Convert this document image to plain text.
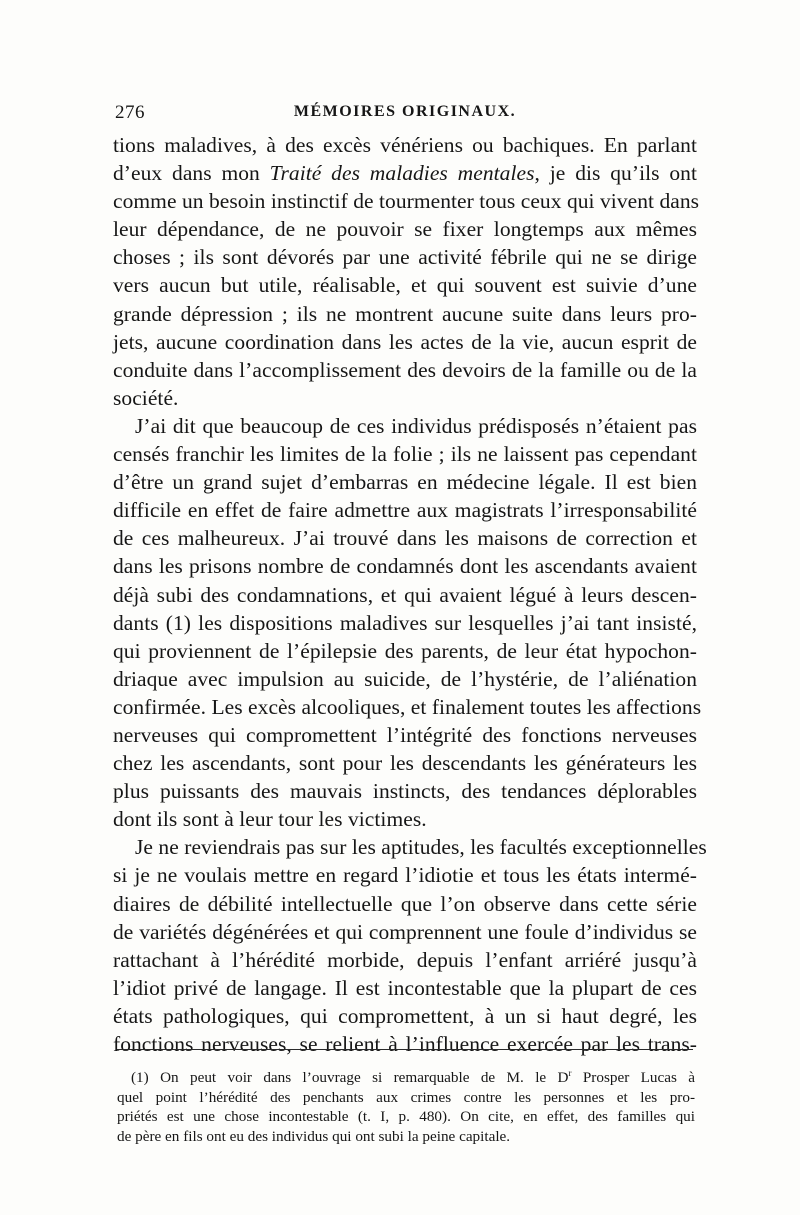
276	MÉMOIRES ORIGINAUX.
tions maladives, à des excès vénériens ou bachiques. En parlant
d’eux dans mon Traité des maladies mentales, je dis qu’ils ont
comme un besoin instinctif de tourmenter tous ceux qui vivent dans
leur dépendance, de ne pouvoir se fixer longtemps aux mêmes
choses ; ils sont dévorés par une activité fébrile qui ne se dirige
vers aucun but utile, réalisable, et qui souvent est suivie d’une
grande dépression ; ils ne montrent aucune suite dans leurs pro-
jets, aucune coordination dans les actes de la vie, aucun esprit de
conduite dans l’accomplissement des devoirs de la famille ou de la
société.
J’ai dit que beaucoup de ces individus prédisposés n’étaient pas
censés franchir les limites de la folie ; ils ne laissent pas cependant
d’être un grand sujet d’embarras en médecine légale. Il est bien
difficile en effet de faire admettre aux magistrats l’irresponsabilité
de ces malheureux. J’ai trouvé dans les maisons de correction et
dans les prisons nombre de condamnés dont les ascendants avaient
déjà subi des condamnations, et qui avaient légué à leurs descen-
dants (1) les dispositions maladives sur lesquelles j’ai tant insisté,
qui proviennent de l’épilepsie des parents, de leur état hypochon-
driaque avec impulsion au suicide, de l’hystérie, de l’aliénation
confirmée. Les excès alcooliques, et finalement toutes les affections
nerveuses qui compromettent l’intégrité des fonctions nerveuses
chez les ascendants, sont pour les descendants les générateurs les
plus puissants des mauvais instincts, des tendances déplorables
dont ils sont à leur tour les victimes.
Je ne reviendrais pas sur les aptitudes, les facultés exceptionnelles
si je ne voulais mettre en regard l’idiotie et tous les états intermé-
diaires de débilité intellectuelle que l’on observe dans cette série
de variétés dégénérées et qui comprennent une foule d’individus se
rattachant à l’hérédité morbide, depuis l’enfant arriéré jusqu’à
l’idiot privé de langage. Il est incontestable que la plupart de ces
états pathologiques, qui compromettent, à un si haut degré, les
fonctions nerveuses, se relient à l’influence exercée par les trans-
(1) On peut voir dans l’ouvrage si remarquable de M. le $D^r$ Prosper Lucas à
quel point l’hérédité des penchants aux crimes contre les personnes et les pro-
priétés est une chose incontestable (t. I, p. 480). On cite, en effet, des familles qui
de père en fils ont eu des individus qui ont subi la peine capitale.
